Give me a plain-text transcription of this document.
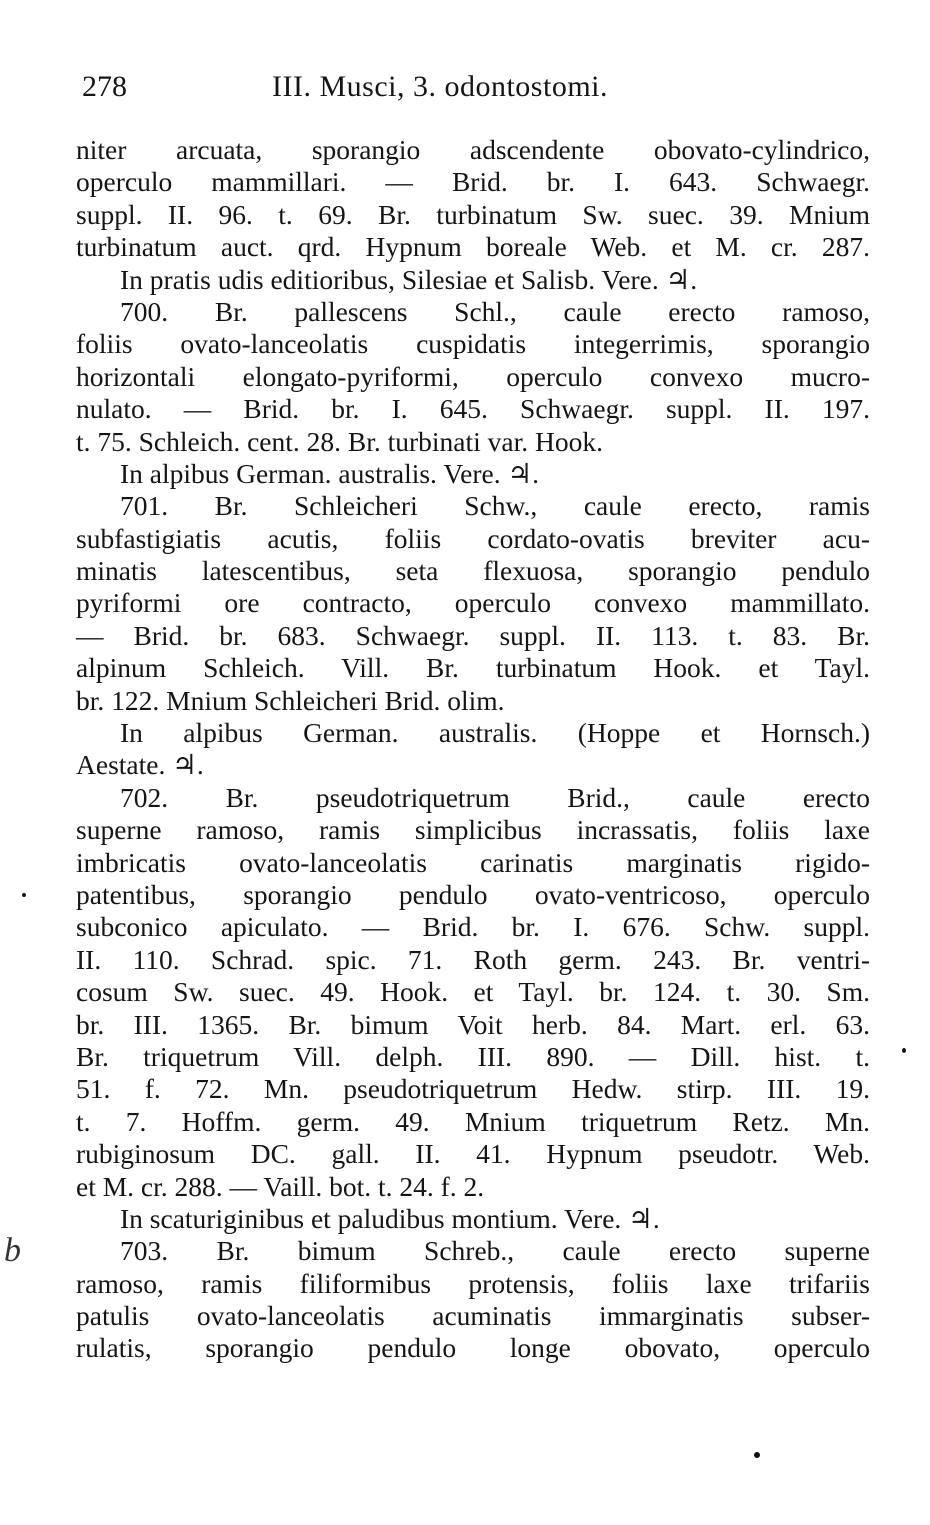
278	III. Musci, 3. odontostomi.
niter arcuata, sporangio adscendente obovato-cylindrico,
operculo mammillari. — Brid. br. I. 643. Schwaegr.
suppl. II. 96. t. 69. Br. turbinatum Sw. suec. 39. Mnium
turbinatum auct. qrd. Hypnum boreale Web. et M. cr. 287.
In pratis udis editioribus, Silesiae et Salisb. Vere. ♃.
700. Br. pallescens Schl., caule erecto ramoso,
foliis ovato-lanceolatis cuspidatis integerrimis, sporangio
horizontali elongato-pyriformi, operculo convexo mucro-
nulato. — Brid. br. I. 645. Schwaegr. suppl. II. 197.
t. 75. Schleich. cent. 28. Br. turbinati var. Hook.
In alpibus German. australis. Vere. ♃.
701. Br. Schleicheri Schw., caule erecto, ramis
subfastigiatis acutis, foliis cordato-ovatis breviter acu-
minatis latescentibus, seta flexuosa, sporangio pendulo
pyriformi ore contracto, operculo convexo mammillato.
— Brid. br. 683. Schwaegr. suppl. II. 113. t. 83. Br.
alpinum Schleich. Vill. Br. turbinatum Hook. et Tayl.
br. 122. Mnium Schleicheri Brid. olim.
In alpibus German. australis. (Hoppe et Hornsch.)
Aestate. ♃.
702. Br. pseudotriquetrum Brid., caule erecto
superne ramoso, ramis simplicibus incrassatis, foliis laxe
imbricatis ovato-lanceolatis carinatis marginatis rigido-
patentibus, sporangio pendulo ovato-ventricoso, operculo
subconico apiculato. — Brid. br. I. 676. Schw. suppl.
II. 110. Schrad. spic. 71. Roth germ. 243. Br. ventri-
cosum Sw. suec. 49. Hook. et Tayl. br. 124. t. 30. Sm.
br. III. 1365. Br. bimum Voit herb. 84. Mart. erl. 63.
Br. triquetrum Vill. delph. III. 890. — Dill. hist. t.
51. f. 72. Mn. pseudotriquetrum Hedw. stirp. III. 19.
t. 7. Hoffm. germ. 49. Mnium triquetrum Retz. Mn.
rubiginosum DC. gall. II. 41. Hypnum pseudotr. Web.
et M. cr. 288. — Vaill. bot. t. 24. f. 2.
In scaturiginibus et paludibus montium. Vere. ♃.
703. Br. bimum Schreb., caule erecto superne
ramoso, ramis filiformibus protensis, foliis laxe trifariis
patulis ovato-lanceolatis acuminatis immarginatis subser-
rulatis, sporangio pendulo longe obovato, operculo
b
